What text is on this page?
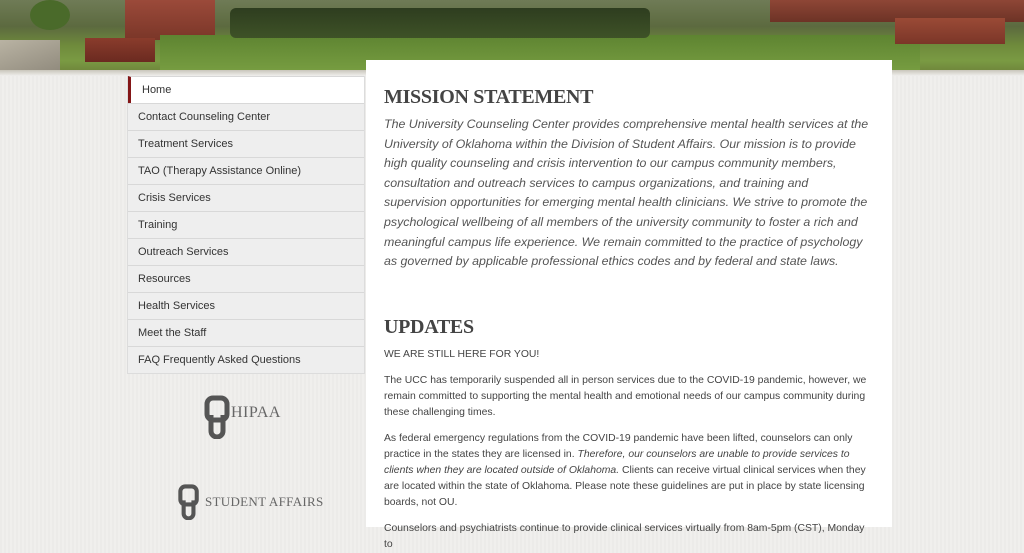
Home
Contact Counseling Center
Treatment Services
TAO (Therapy Assistance Online)
Crisis Services
Training
Outreach Services
Resources
Health Services
Meet the Staff
FAQ Frequently Asked Questions
HIPAA
STUDENT AFFAIRS
MISSION STATEMENT

The University Counseling Center provides comprehensive mental health services at the University of Oklahoma within the Division of Student Affairs. Our mission is to provide high quality counseling and crisis intervention to our campus community members, consultation and outreach services to campus organizations, and training and supervision opportunities for emerging mental health clinicians. We strive to promote the psychological wellbeing of all members of the university community to foster a rich and meaningful campus life experience. We remain committed to the practice of psychology as governed by applicable professional ethics codes and by federal and state laws.

UPDATES

WE ARE STILL HERE FOR YOU!

The UCC has temporarily suspended all in person services due to the COVID-19 pandemic, however, we remain committed to supporting the mental health and emotional needs of our campus community during these challenging times.

As federal emergency regulations from the COVID-19 pandemic have been lifted, counselors can only practice in the states they are licensed in. Therefore, our counselors are unable to provide services to clients when they are located outside of Oklahoma. Clients can receive virtual clinical services when they are located within the state of Oklahoma. Please note these guidelines are put in place by state licensing boards, not OU.

Counselors and psychiatrists continue to provide clinical services virtually from 8am-5pm (CST), Monday to
